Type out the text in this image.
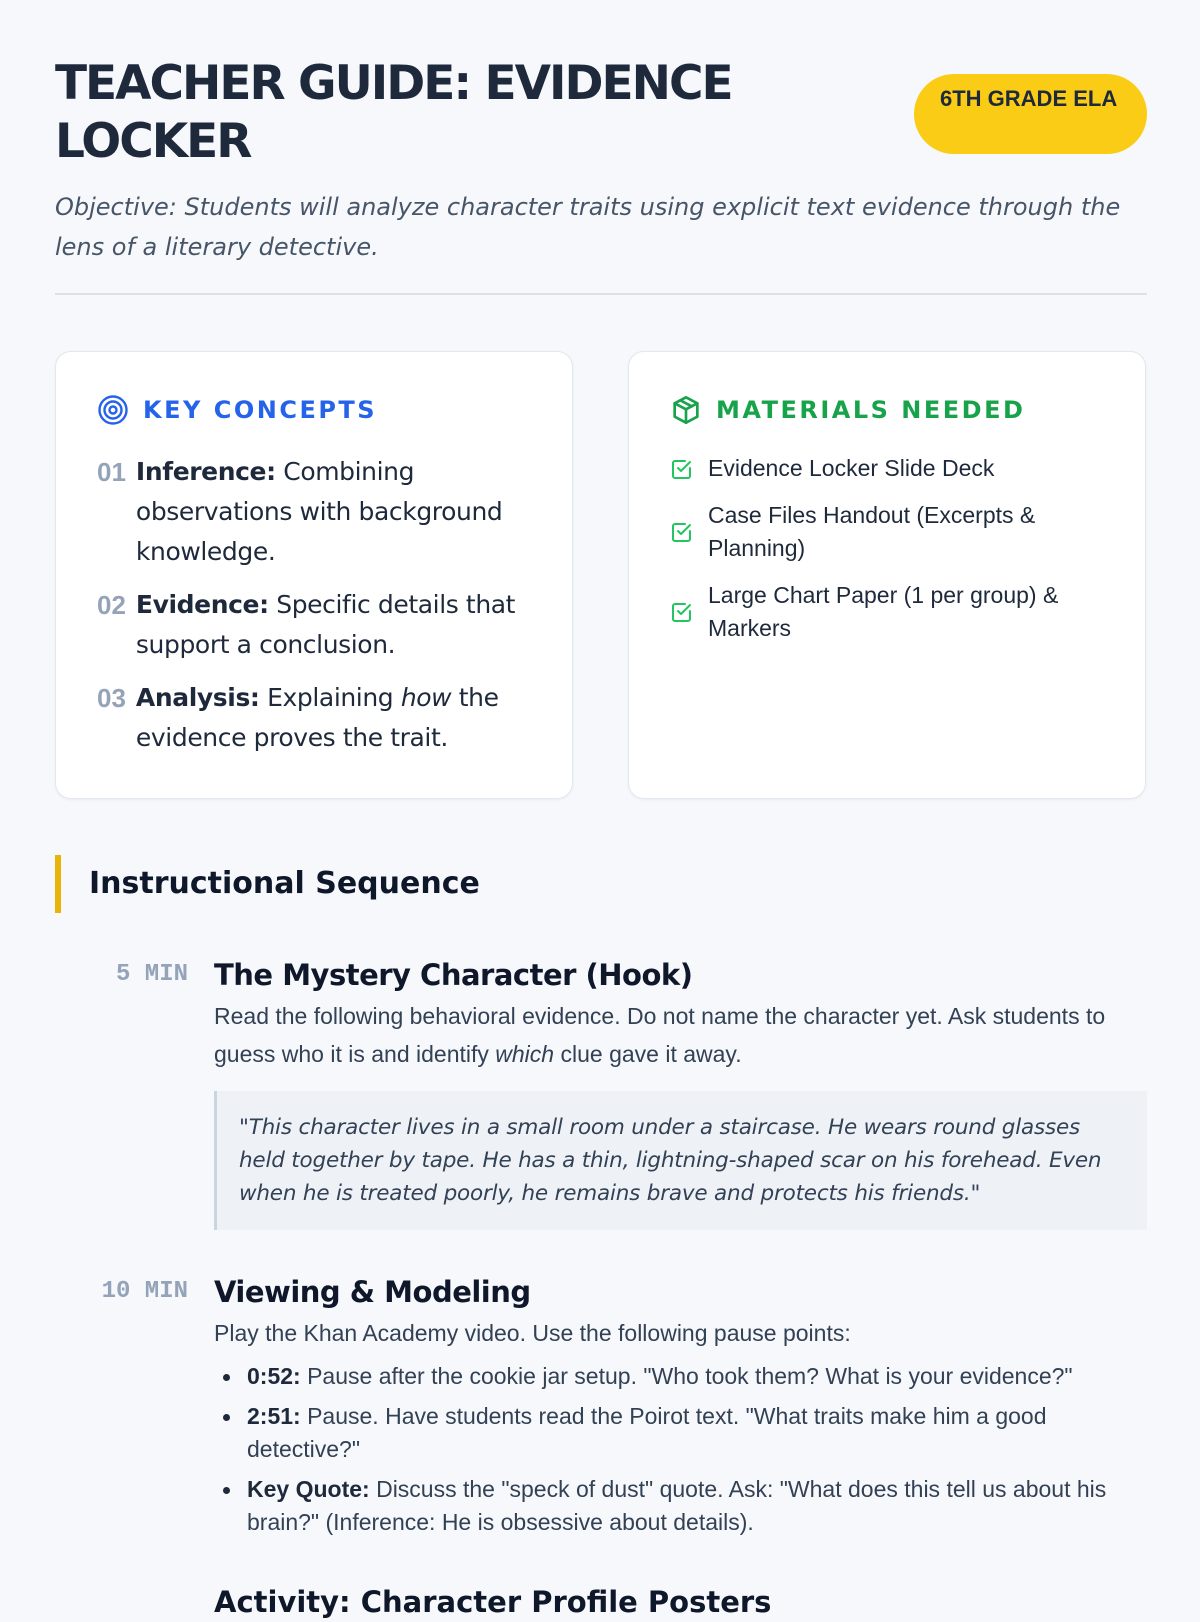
TEACHER GUIDE: EVIDENCE LOCKER
6TH GRADE ELA

Objective: Students will analyze character traits using explicit text evidence through the lens of a literary detective.

KEY CONCEPTS
01 Inference: Combining observations with background knowledge.
02 Evidence: Specific details that support a conclusion.
03 Analysis: Explaining how the evidence proves the trait.
MATERIALS NEEDED
Evidence Locker Slide Deck
Case Files Handout (Excerpts & Planning)
Large Chart Paper (1 per group) & Markers
Instructional Sequence
5 MIN The Mystery Character (Hook)

Read the following behavioral evidence. Do not name the character yet. Ask students to guess who it is and identify which clue gave it away.

"This character lives in a small room under a staircase. He wears round glasses held together by tape. He has a thin, lightning-shaped scar on his forehead. Even when he is treated poorly, he remains brave and protects his friends."
10 MIN Viewing & Modeling

Play the Khan Academy video. Use the following pause points:

0:52: Pause after the cookie jar setup. "Who took them? What is your evidence?"
2:51: Pause. Have students read the Poirot text. "What traits make him a good detective?"
Key Quote: Discuss the "speck of dust" quote. Ask: "What does this tell us about his brain?" (Inference: He is obsessive about details).
Activity: Character Profile Posters
